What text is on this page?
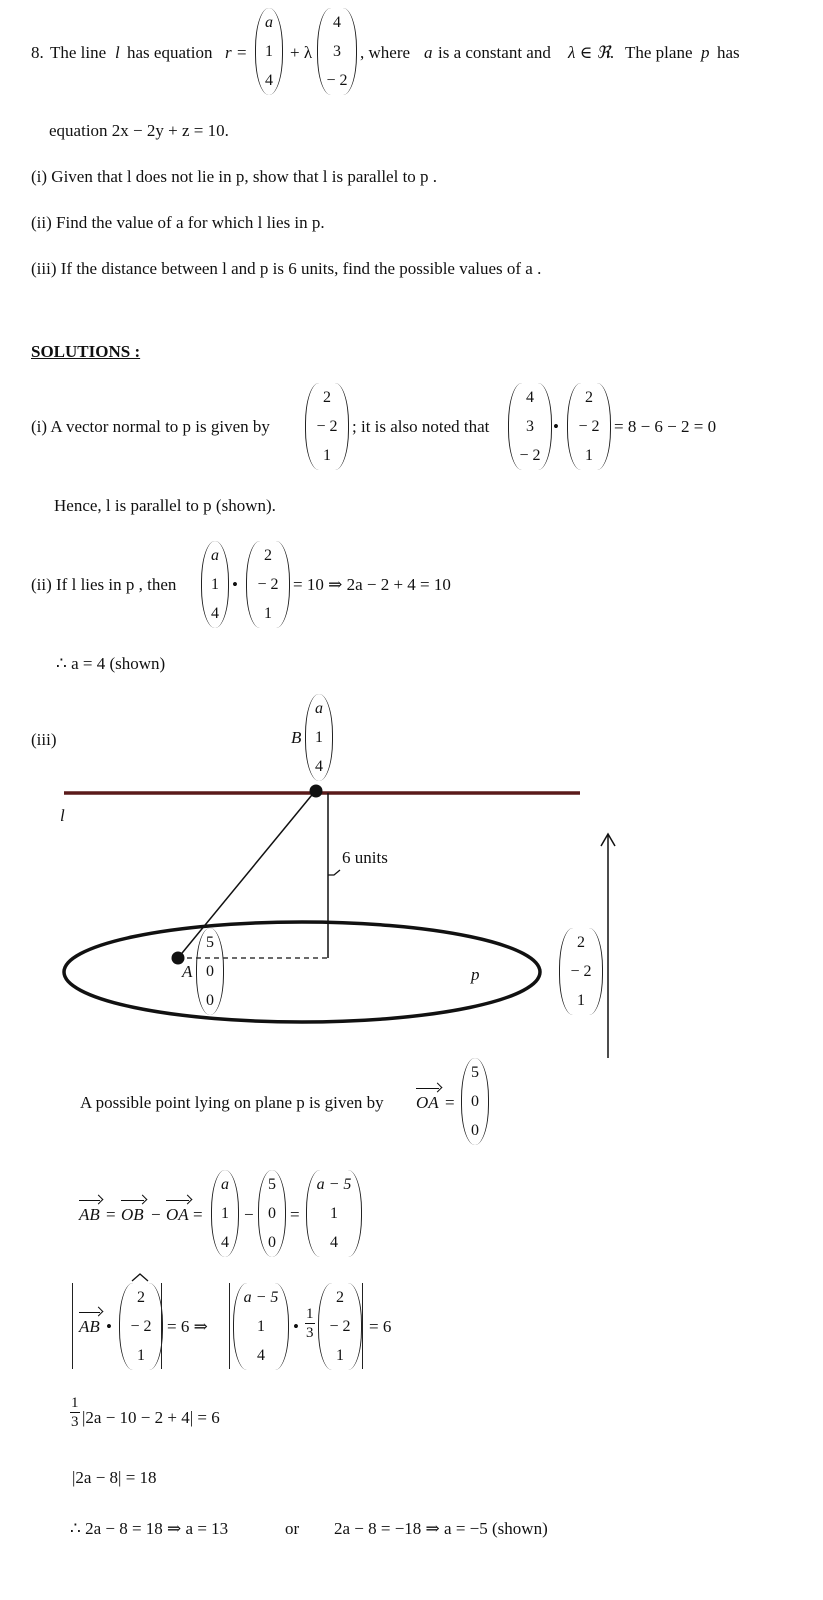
8. The line l has equation r =
a
1
4
+ λ
4
3
− 2
, where a is a constant and λ ∈ ℜ. The plane p has
equation 2x − 2y + z = 10.
(i) Given that l does not lie in p, show that l is parallel to p .
(ii) Find the value of a for which l lies in p.
(iii) If the distance between l and p is 6 units, find the possible values of a .
SOLUTIONS :
(i) A vector normal to p is given by
2
− 2
1
; it is also noted that
4
3
− 2
•
2
− 2
1
= 8 − 6 − 2 = 0
Hence, l is parallel to p (shown).
(ii) If l lies in p , then
a
1
4
•
2
− 2
1
= 10 ⇒ 2a − 2 + 4 = 10
∴ a = 4 (shown)
(iii)	B
a
1
4
l
6 units
A
5
0
0
p
2
− 2
1
A possible point lying on plane p is given by OA =
5
0
0
AB = OB − OA =
a
1
4
−
5
0
0
=
a − 5
1
4
AB •
2
− 2
1
= 6 ⇒
a − 5
1
4
• $\frac{1}{3}$
2
− 2
1
= 6
$\frac{1}{3} |2a - 10 - 2 + 4| = 6$
|2a − 8| = 18
∴ 2a − 8 = 18 ⇒ a = 13	or 2a − 8 = −18 ⇒ a = −5 (shown)
